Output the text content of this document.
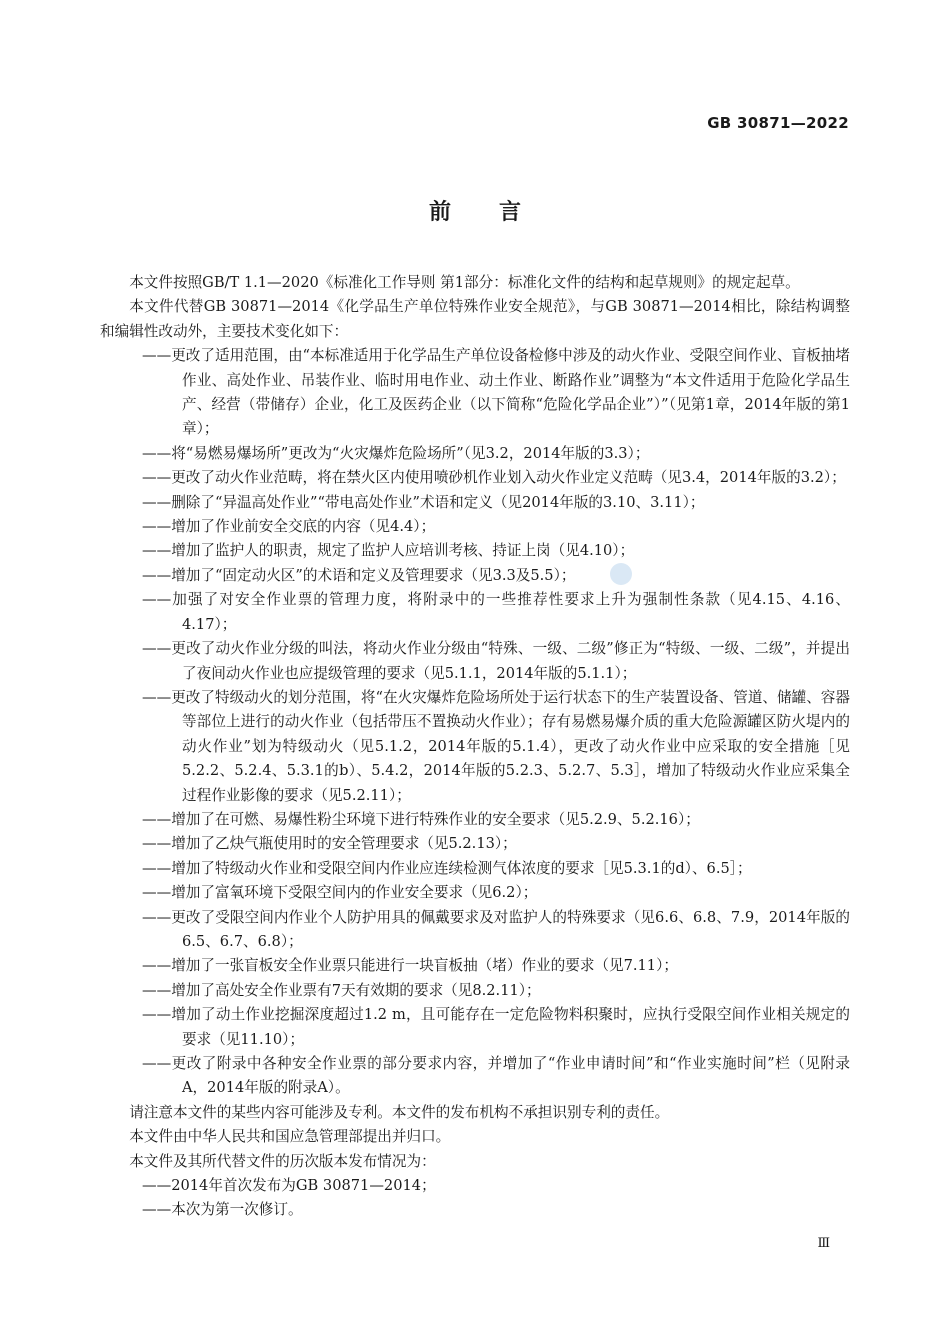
GB 30871—2022
前言

本文件按照GB/T 1.1—2020《标准化工作导则 第1部分：标准化文件的结构和起草规则》的规定起草。

本文件代替GB 30871—2014《化学品生产单位特殊作业安全规范》，与GB 30871—2014相比，除结构调整和编辑性改动外，主要技术变化如下：

——更改了适用范围，由“本标准适用于化学品生产单位设备检修中涉及的动火作业、受限空间作业、盲板抽堵作业、高处作业、吊装作业、临时用电作业、动土作业、断路作业”调整为“本文件适用于危险化学品生产、经营（带储存）企业，化工及医药企业（以下简称“危险化学品企业”）”（见第1章，2014年版的第1章）；

——将“易燃易爆场所”更改为“火灾爆炸危险场所”（见3.2，2014年版的3.3）；

——更改了动火作业范畴，将在禁火区内使用喷砂机作业划入动火作业定义范畴（见3.4，2014年版的3.2）；

——删除了“异温高处作业”“带电高处作业”术语和定义（见2014年版的3.10、3.11）；

——增加了作业前安全交底的内容（见4.4）；

——增加了监护人的职责，规定了监护人应培训考核、持证上岗（见4.10）；

——增加了“固定动火区”的术语和定义及管理要求（见3.3及5.5）；

——加强了对安全作业票的管理力度，将附录中的一些推荐性要求上升为强制性条款（见4.15、4.16、4.17）；

——更改了动火作业分级的叫法，将动火作业分级由“特殊、一级、二级”修正为“特级、一级、二级”，并提出了夜间动火作业也应提级管理的要求（见5.1.1，2014年版的5.1.1）；

——更改了特级动火的划分范围，将“在火灾爆炸危险场所处于运行状态下的生产装置设备、管道、储罐、容器等部位上进行的动火作业（包括带压不置换动火作业）；存有易燃易爆介质的重大危险源罐区防火堤内的动火作业”划为特级动火（见5.1.2，2014年版的5.1.4），更改了动火作业中应采取的安全措施［见5.2.2、5.2.4、5.3.1的b）、5.4.2，2014年版的5.2.3、5.2.7、5.3］，增加了特级动火作业应采集全过程作业影像的要求（见5.2.11）；

——增加了在可燃、易爆性粉尘环境下进行特殊作业的安全要求（见5.2.9、5.2.16）；

——增加了乙炔气瓶使用时的安全管理要求（见5.2.13）；

——增加了特级动火作业和受限空间内作业应连续检测气体浓度的要求［见5.3.1的d）、6.5］；

——增加了富氧环境下受限空间内的作业安全要求（见6.2）；

——更改了受限空间内作业个人防护用具的佩戴要求及对监护人的特殊要求（见6.6、6.8、7.9，2014年版的6.5、6.7、6.8）；

——增加了一张盲板安全作业票只能进行一块盲板抽（堵）作业的要求（见7.11）；

——增加了高处安全作业票有7天有效期的要求（见8.2.11）；

——增加了动土作业挖掘深度超过1.2 m，且可能存在一定危险物料积聚时，应执行受限空间作业相关规定的要求（见11.10）；

——更改了附录中各种安全作业票的部分要求内容，并增加了“作业申请时间”和“作业实施时间”栏（见附录A，2014年版的附录A）。

请注意本文件的某些内容可能涉及专利。本文件的发布机构不承担识别专利的责任。

本文件由中华人民共和国应急管理部提出并归口。

本文件及其所代替文件的历次版本发布情况为：

——2014年首次发布为GB 30871—2014；

——本次为第一次修订。

Ⅲ
